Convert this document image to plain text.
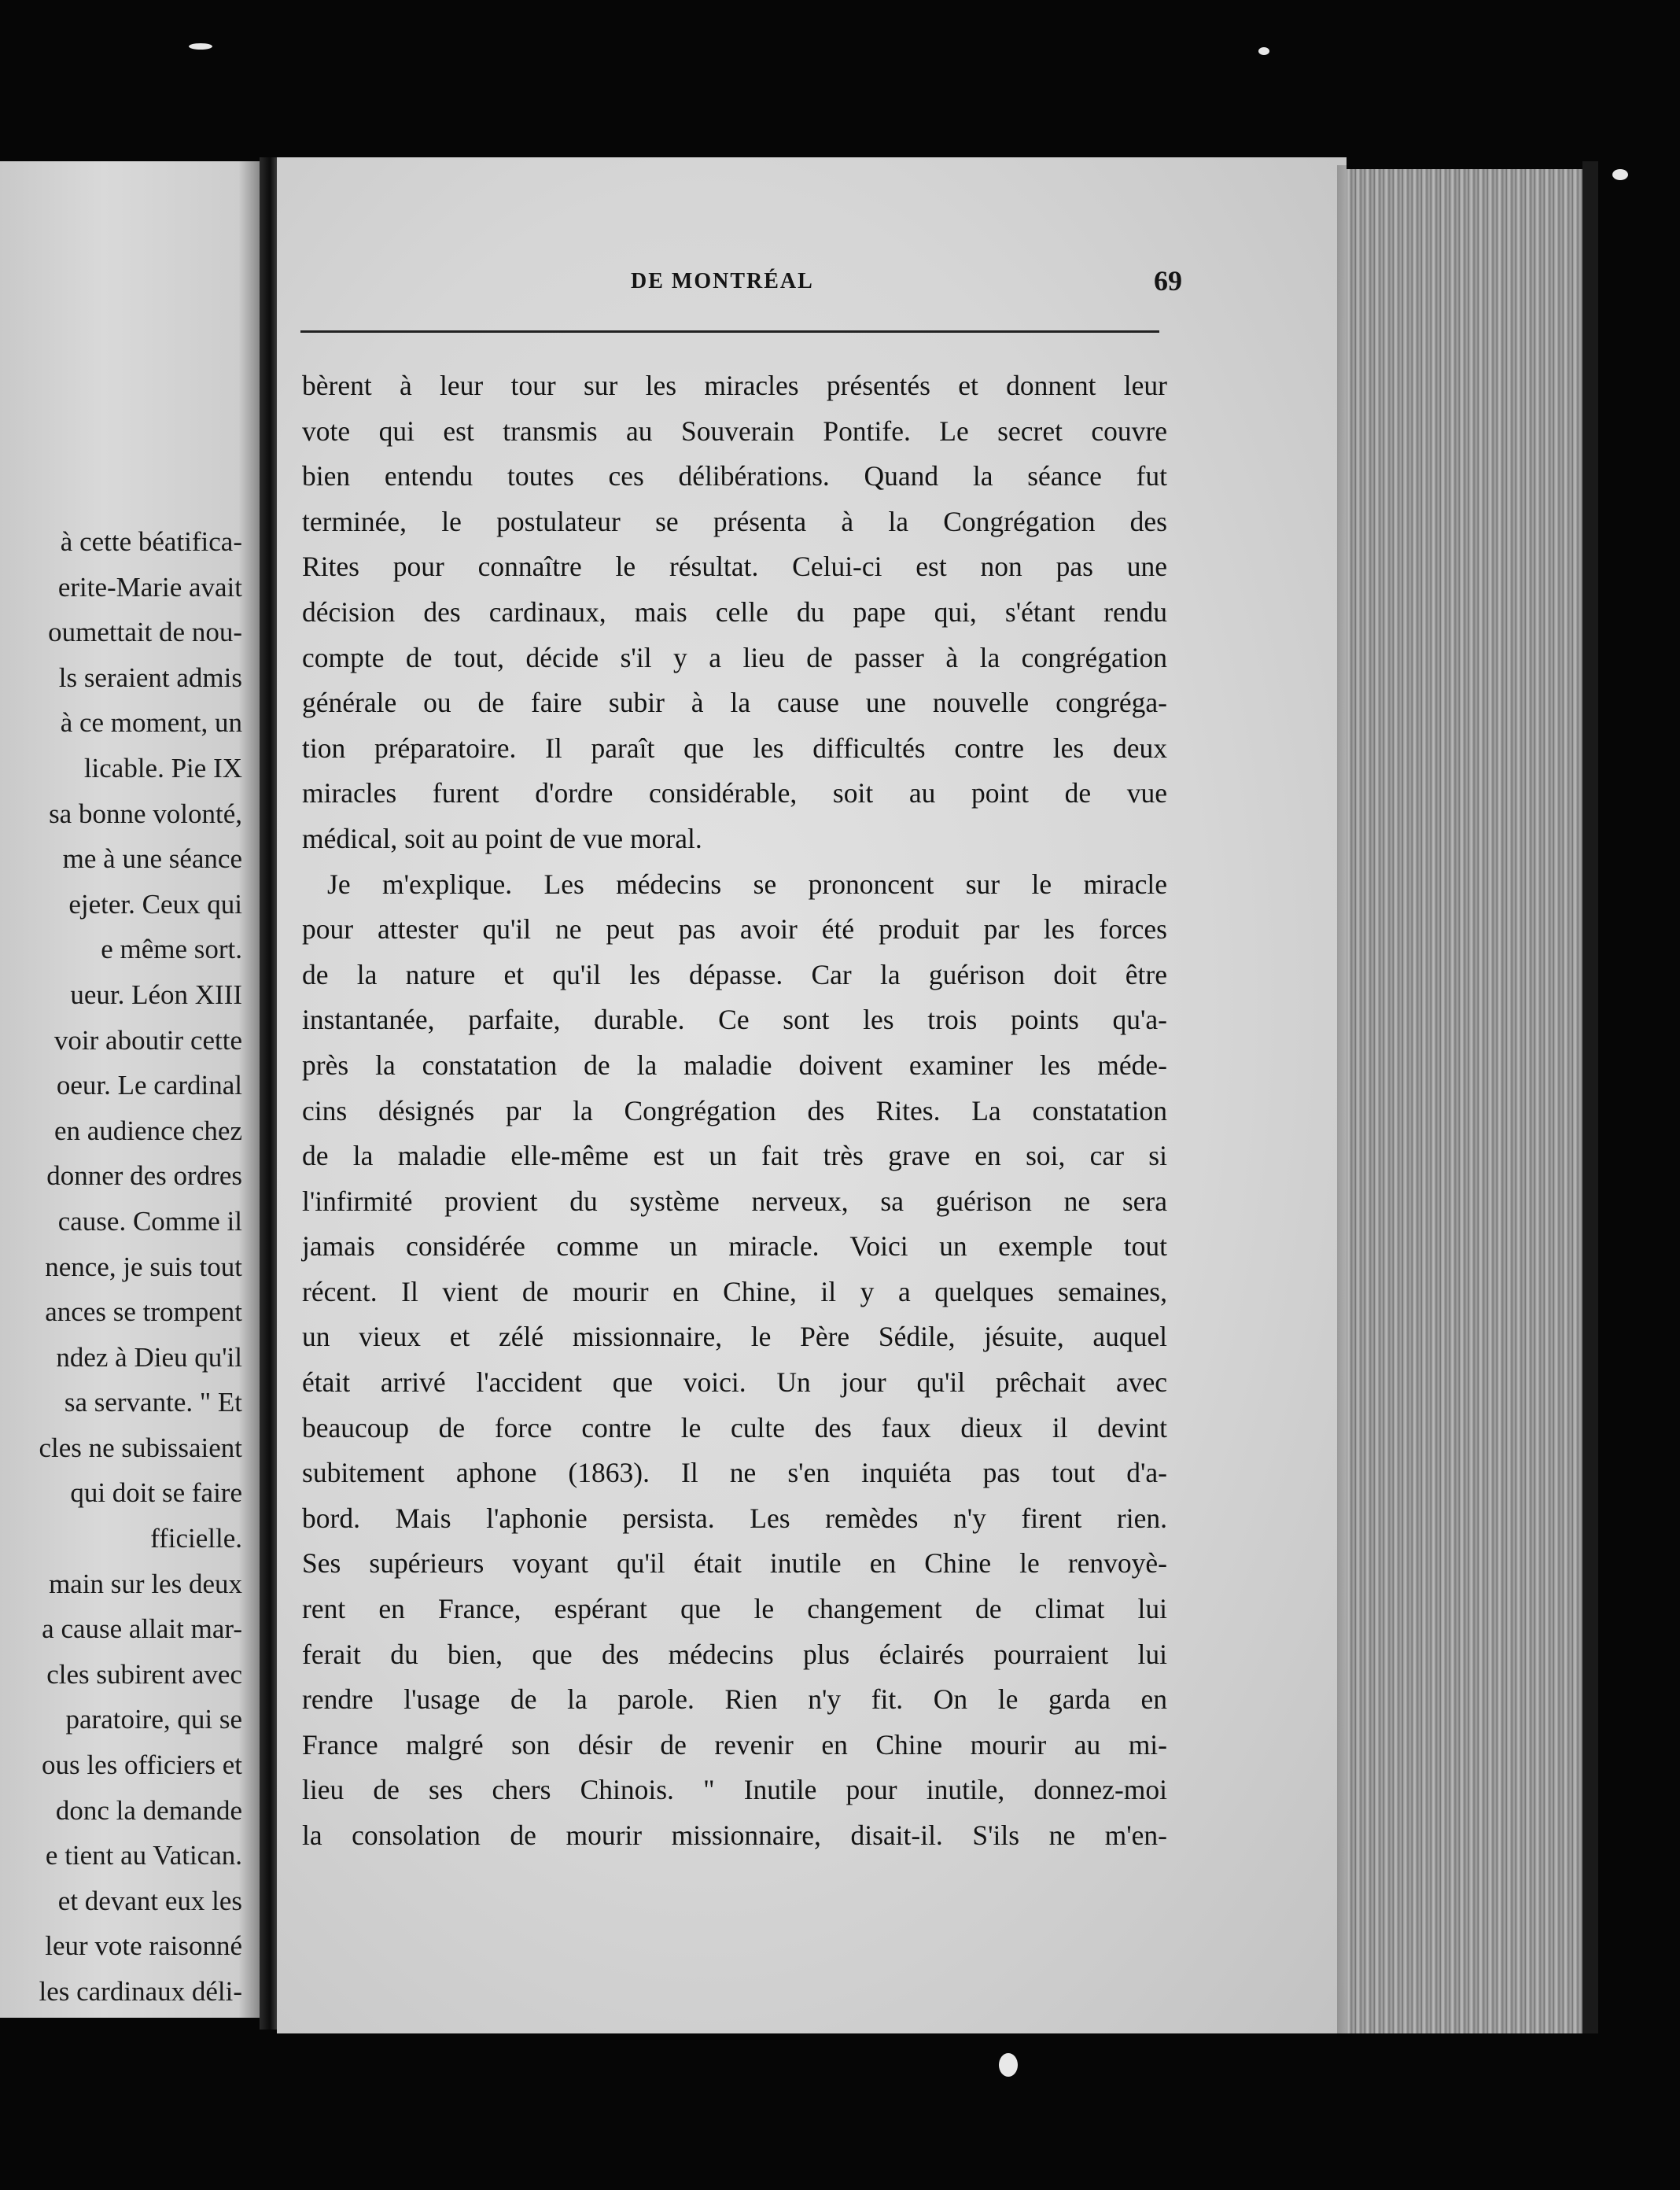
à cette béatifica-
erite-Marie avait
oumettait de nou-
ls seraient admis
à ce moment, un
licable. Pie IX
sa bonne volonté,
me à une séance
ejeter. Ceux qui
e même sort.
ueur. Léon XIII
voir aboutir cette
oeur. Le cardinal
en audience chez
donner des ordres
cause. Comme il
nence, je suis tout
ances se trompent
ndez à Dieu qu'il
sa servante. " Et
cles ne subissaient
qui doit se faire
fficielle.
main sur les deux
a cause allait mar-
cles subirent avec
paratoire, qui se
ous les officiers et
donc la demande
e tient au Vatican.
et devant eux les
leur vote raisonné
les cardinaux déli-
DE MONTRÉAL	69
bèrent à leur tour sur les miracles présentés et donnent leur
vote qui est transmis au Souverain Pontife. Le secret couvre
bien entendu toutes ces délibérations. Quand la séance fut
terminée, le postulateur se présenta à la Congrégation des
Rites pour connaître le résultat. Celui-ci est non pas une
décision des cardinaux, mais celle du pape qui, s'étant rendu
compte de tout, décide s'il y a lieu de passer à la congrégation
générale ou de faire subir à la cause une nouvelle congréga-
tion préparatoire. Il paraît que les difficultés contre les deux
miracles furent d'ordre considérable, soit au point de vue
médical, soit au point de vue moral.
Je m'explique. Les médecins se prononcent sur le miracle
pour attester qu'il ne peut pas avoir été produit par les forces
de la nature et qu'il les dépasse. Car la guérison doit être
instantanée, parfaite, durable. Ce sont les trois points qu'a-
près la constatation de la maladie doivent examiner les méde-
cins désignés par la Congrégation des Rites. La constatation
de la maladie elle-même est un fait très grave en soi, car si
l'infirmité provient du système nerveux, sa guérison ne sera
jamais considérée comme un miracle. Voici un exemple tout
récent. Il vient de mourir en Chine, il y a quelques semaines,
un vieux et zélé missionnaire, le Père Sédile, jésuite, auquel
était arrivé l'accident que voici. Un jour qu'il prêchait avec
beaucoup de force contre le culte des faux dieux il devint
subitement aphone (1863). Il ne s'en inquiéta pas tout d'a-
bord. Mais l'aphonie persista. Les remèdes n'y firent rien.
Ses supérieurs voyant qu'il était inutile en Chine le renvoyè-
rent en France, espérant que le changement de climat lui
ferait du bien, que des médecins plus éclairés pourraient lui
rendre l'usage de la parole. Rien n'y fit. On le garda en
France malgré son désir de revenir en Chine mourir au mi-
lieu de ses chers Chinois. " Inutile pour inutile, donnez-moi
la consolation de mourir missionnaire, disait-il. S'ils ne m'en-
